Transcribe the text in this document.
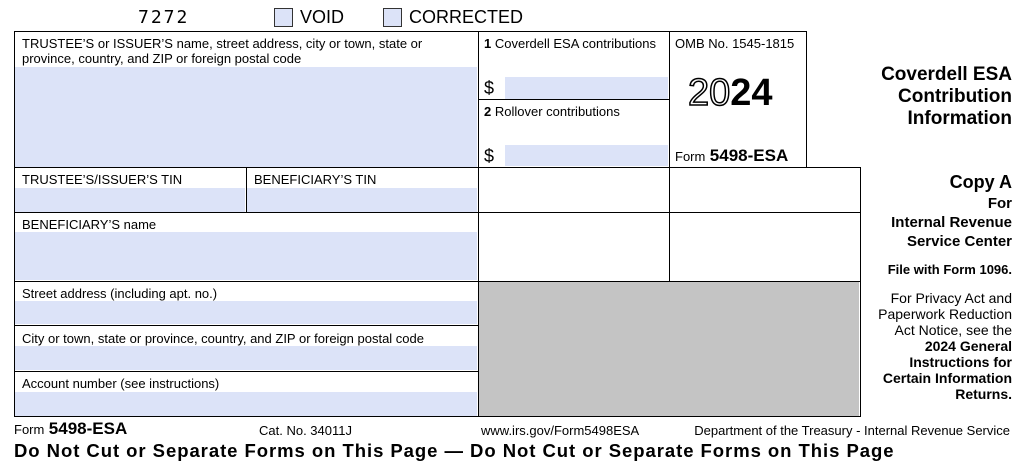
7272	VOID	CORRECTED
TRUSTEE’S or ISSUER’S name, street address, city or town, state or province, country, and ZIP or foreign postal code
1 Coverdell ESA contributions
$
2 Rollover contributions
$
OMB No. 1545-1815
2024
Form 5498-ESA
TRUSTEE’S/ISSUER’S TIN	BENEFICIARY’S TIN
BENEFICIARY’S name
Street address (including apt. no.)
City or town, state or province, country, and ZIP or foreign postal code
Account number (see instructions)
Coverdell ESA
Contribution
Information
Copy A
For
Internal Revenue
Service Center
File with Form 1096.
For Privacy Act and
Paperwork Reduction
Act Notice, see the
2024 General
Instructions for
Certain Information
Returns.
Form 5498-ESA	Cat. No. 34011J	www.irs.gov/Form5498ESA	Department of the Treasury - Internal Revenue Service
Do Not Cut or Separate Forms on This Page — Do Not Cut or Separate Forms on This Page
